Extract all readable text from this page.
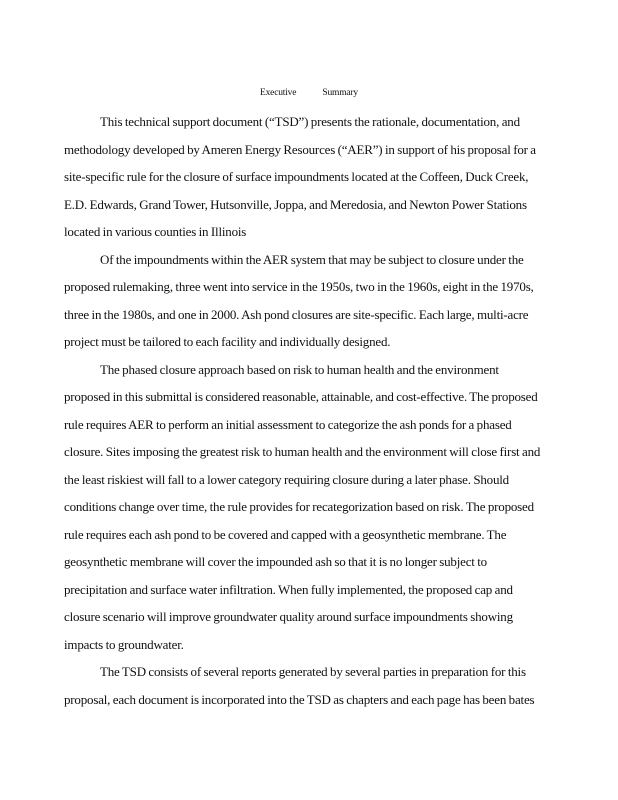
Executive	Summary
This technical support document (“TSD”) presents the rationale, documentation, and
methodology developed by Ameren Energy Resources (“AER”) in support of his proposal for a
site-specific rule for the closure of surface impoundments located at the Coffeen, Duck Creek,
E.D. Edwards, Grand Tower, Hutsonville, Joppa, and Meredosia, and Newton Power Stations
located in various counties in Illinois
Of the impoundments within the AER system that may be subject to closure under the
proposed rulemaking, three went into service in the 1950s, two in the 1960s, eight in the 1970s,
three in the 1980s, and one in 2000. Ash pond closures are site-specific. Each large, multi-acre
project must be tailored to each facility and individually designed.
The phased closure approach based on risk to human health and the environment
proposed in this submittal is considered reasonable, attainable, and cost-effective. The proposed
rule requires AER to perform an initial assessment to categorize the ash ponds for a phased
closure. Sites imposing the greatest risk to human health and the environment will close first and
the least riskiest will fall to a lower category requiring closure during a later phase. Should
conditions change over time, the rule provides for recategorization based on risk. The proposed
rule requires each ash pond to be covered and capped with a geosynthetic membrane. The
geosynthetic membrane will cover the impounded ash so that it is no longer subject to
precipitation and surface water infiltration. When fully implemented, the proposed cap and
closure scenario will improve groundwater quality around surface impoundments showing
impacts to groundwater.
The TSD consists of several reports generated by several parties in preparation for this
proposal, each document is incorporated into the TSD as chapters and each page has been bates
